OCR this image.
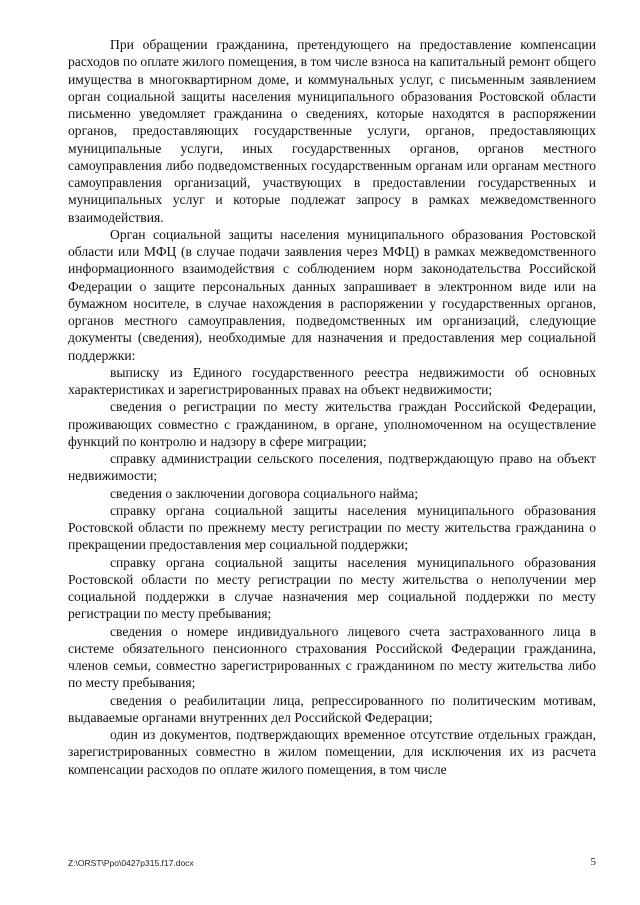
При обращении гражданина, претендующего на предоставление компенсации расходов по оплате жилого помещения, в том числе взноса на капитальный ремонт общего имущества в многоквартирном доме, и коммунальных услуг, с письменным заявлением орган социальной защиты населения муниципального образования Ростовской области письменно уведомляет гражданина о сведениях, которые находятся в распоряжении органов, предоставляющих государственные услуги, органов, предоставляющих муниципальные услуги, иных государственных органов, органов местного самоуправления либо подведомственных государственным органам или органам местного самоуправления организаций, участвующих в предоставлении государственных и муниципальных услуг и которые подлежат запросу в рамках межведомственного взаимодействия.

Орган социальной защиты населения муниципального образования Ростовской области или МФЦ (в случае подачи заявления через МФЦ) в рамках межведомственного информационного взаимодействия с соблюдением норм законодательства Российской Федерации о защите персональных данных запрашивает в электронном виде или на бумажном носителе, в случае нахождения в распоряжении у государственных органов, органов местного самоуправления, подведомственных им организаций, следующие документы (сведения), необходимые для назначения и предоставления мер социальной поддержки:

выписку из Единого государственного реестра недвижимости об основных характеристиках и зарегистрированных правах на объект недвижимости;

сведения о регистрации по месту жительства граждан Российской Федерации, проживающих совместно с гражданином, в органе, уполномоченном на осуществление функций по контролю и надзору в сфере миграции;

справку администрации сельского поселения, подтверждающую право на объект недвижимости;

сведения о заключении договора социального найма;

справку органа социальной защиты населения муниципального образования Ростовской области по прежнему месту регистрации по месту жительства гражданина о прекращении предоставления мер социальной поддержки;

справку органа социальной защиты населения муниципального образования Ростовской области по месту регистрации по месту жительства о неполучении мер социальной поддержки в случае назначения мер социальной поддержки по месту регистрации по месту пребывания;

сведения о номере индивидуального лицевого счета застрахованного лица в системе обязательного пенсионного страхования Российской Федерации гражданина, членов семьи, совместно зарегистрированных с гражданином по месту жительства либо по месту пребывания;

сведения о реабилитации лица, репрессированного по политическим мотивам, выдаваемые органами внутренних дел Российской Федерации;

один из документов, подтверждающих временное отсутствие отдельных граждан, зарегистрированных совместно в жилом помещении, для исключения их из расчета компенсации расходов по оплате жилого помещения, в том числе

Z:\ORST\Ppo\0427p315.f17.docx	5
